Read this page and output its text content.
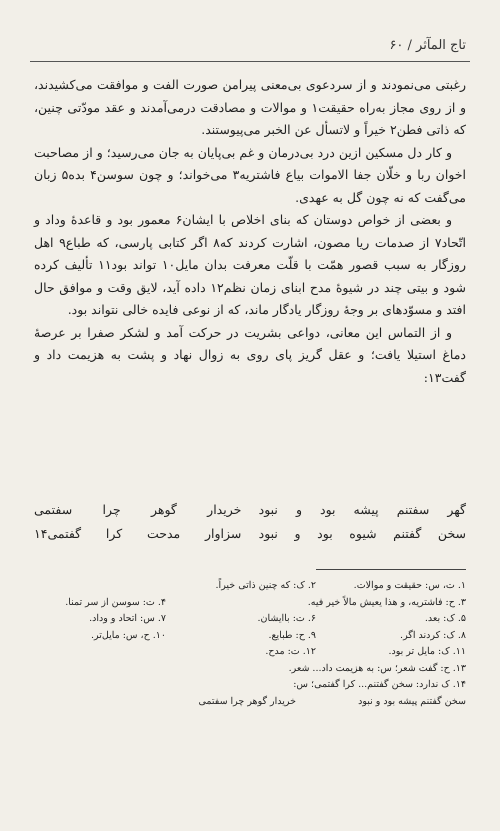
تاج المآثر / ۶۰

رغبتی می‌نمودند و از سردعوی بی‌معنی پیرامن صورت الفت و موافقت می‌کشیدند، و از روی مجاز به‌راه حقیقت۱ و موالات و مصادقت درمی‌آمدند و عقد مودّتی چنین، که ذاتی فطن۲ خیراً و لاتسأل عن الخبر می‌پیوستند.

و کار دل مسکین ازین درد بی‌درمان و غم بی‌پایان به جان می‌رسید؛ و از مصاحبت اخوان ربا و خلّان جفا الاموات بیاع فاشتریه۳ می‌خواند؛ و چون سوسن۴ بده۵ زبان می‌گفت که نه چون گل به عهدی.

و بعضی از خواص دوستان که بنای اخلاص با ایشان۶ معمور بود و قاعدهٔ وداد و اتّحاد۷ از صدمات ریا مصون، اشارت کردند که۸ اگر کتابی پارسی، که طباع۹ اهل روزگار به سبب قصور همّت با قلّت معرفت بدان مایل۱۰ تواند بود۱۱ تألیف کرده شود و بیتی چند در شیوهٔ مدح ابنای زمان نظم۱۲ داده آید، لایق وقت و موافق حال افتد و مسوّدهای بر وجهٔ روزگار یادگار ماند، که از نوعی فایده خالی نتواند بود.

و از التماس این معانی، دواعی بشریت در حرکت آمد و لشکر صفرا بر عرصهٔ دماغ استیلا یافت؛ و عقل گریز پای روی به زوال نهاد و پشت به هزیمت داد و گفت۱۳:

گهر سفتنم پیشه بود و نبود
خریدار گوهر چرا سفتمی
سخن گفتنم شیوه بود و نبود
سزاوار مدحت کرا گفتمی۱۴
۱. ت، س: حقیقت و موالات.
۲. ک: که چنین ذاتی خیراً.
۳. ح: فاشتریه، و هذا یعیش مالاً خیر فیه.
۴. ت: سوسن از سر تمنا.
۵. ک: بعد.
۶. ت: باایشان.
۷. س: اتحاد و وداد.
۸. ک: کردند اگر.
۹. ح: طبایع.
۱۰. ح، س: مایل‌تر.
۱۱. ک: مایل تر بود.
۱۲. ت: مدح.
۱۳. ح: گفت شعر؛ س: به هزیمت داد... شعر.
۱۴. ک ندارد: سخن گفتنم... کرا گفتمی؛ س:
سخن گفتنم پیشه بود و نبود
خریدار گوهر چرا سفتمی
